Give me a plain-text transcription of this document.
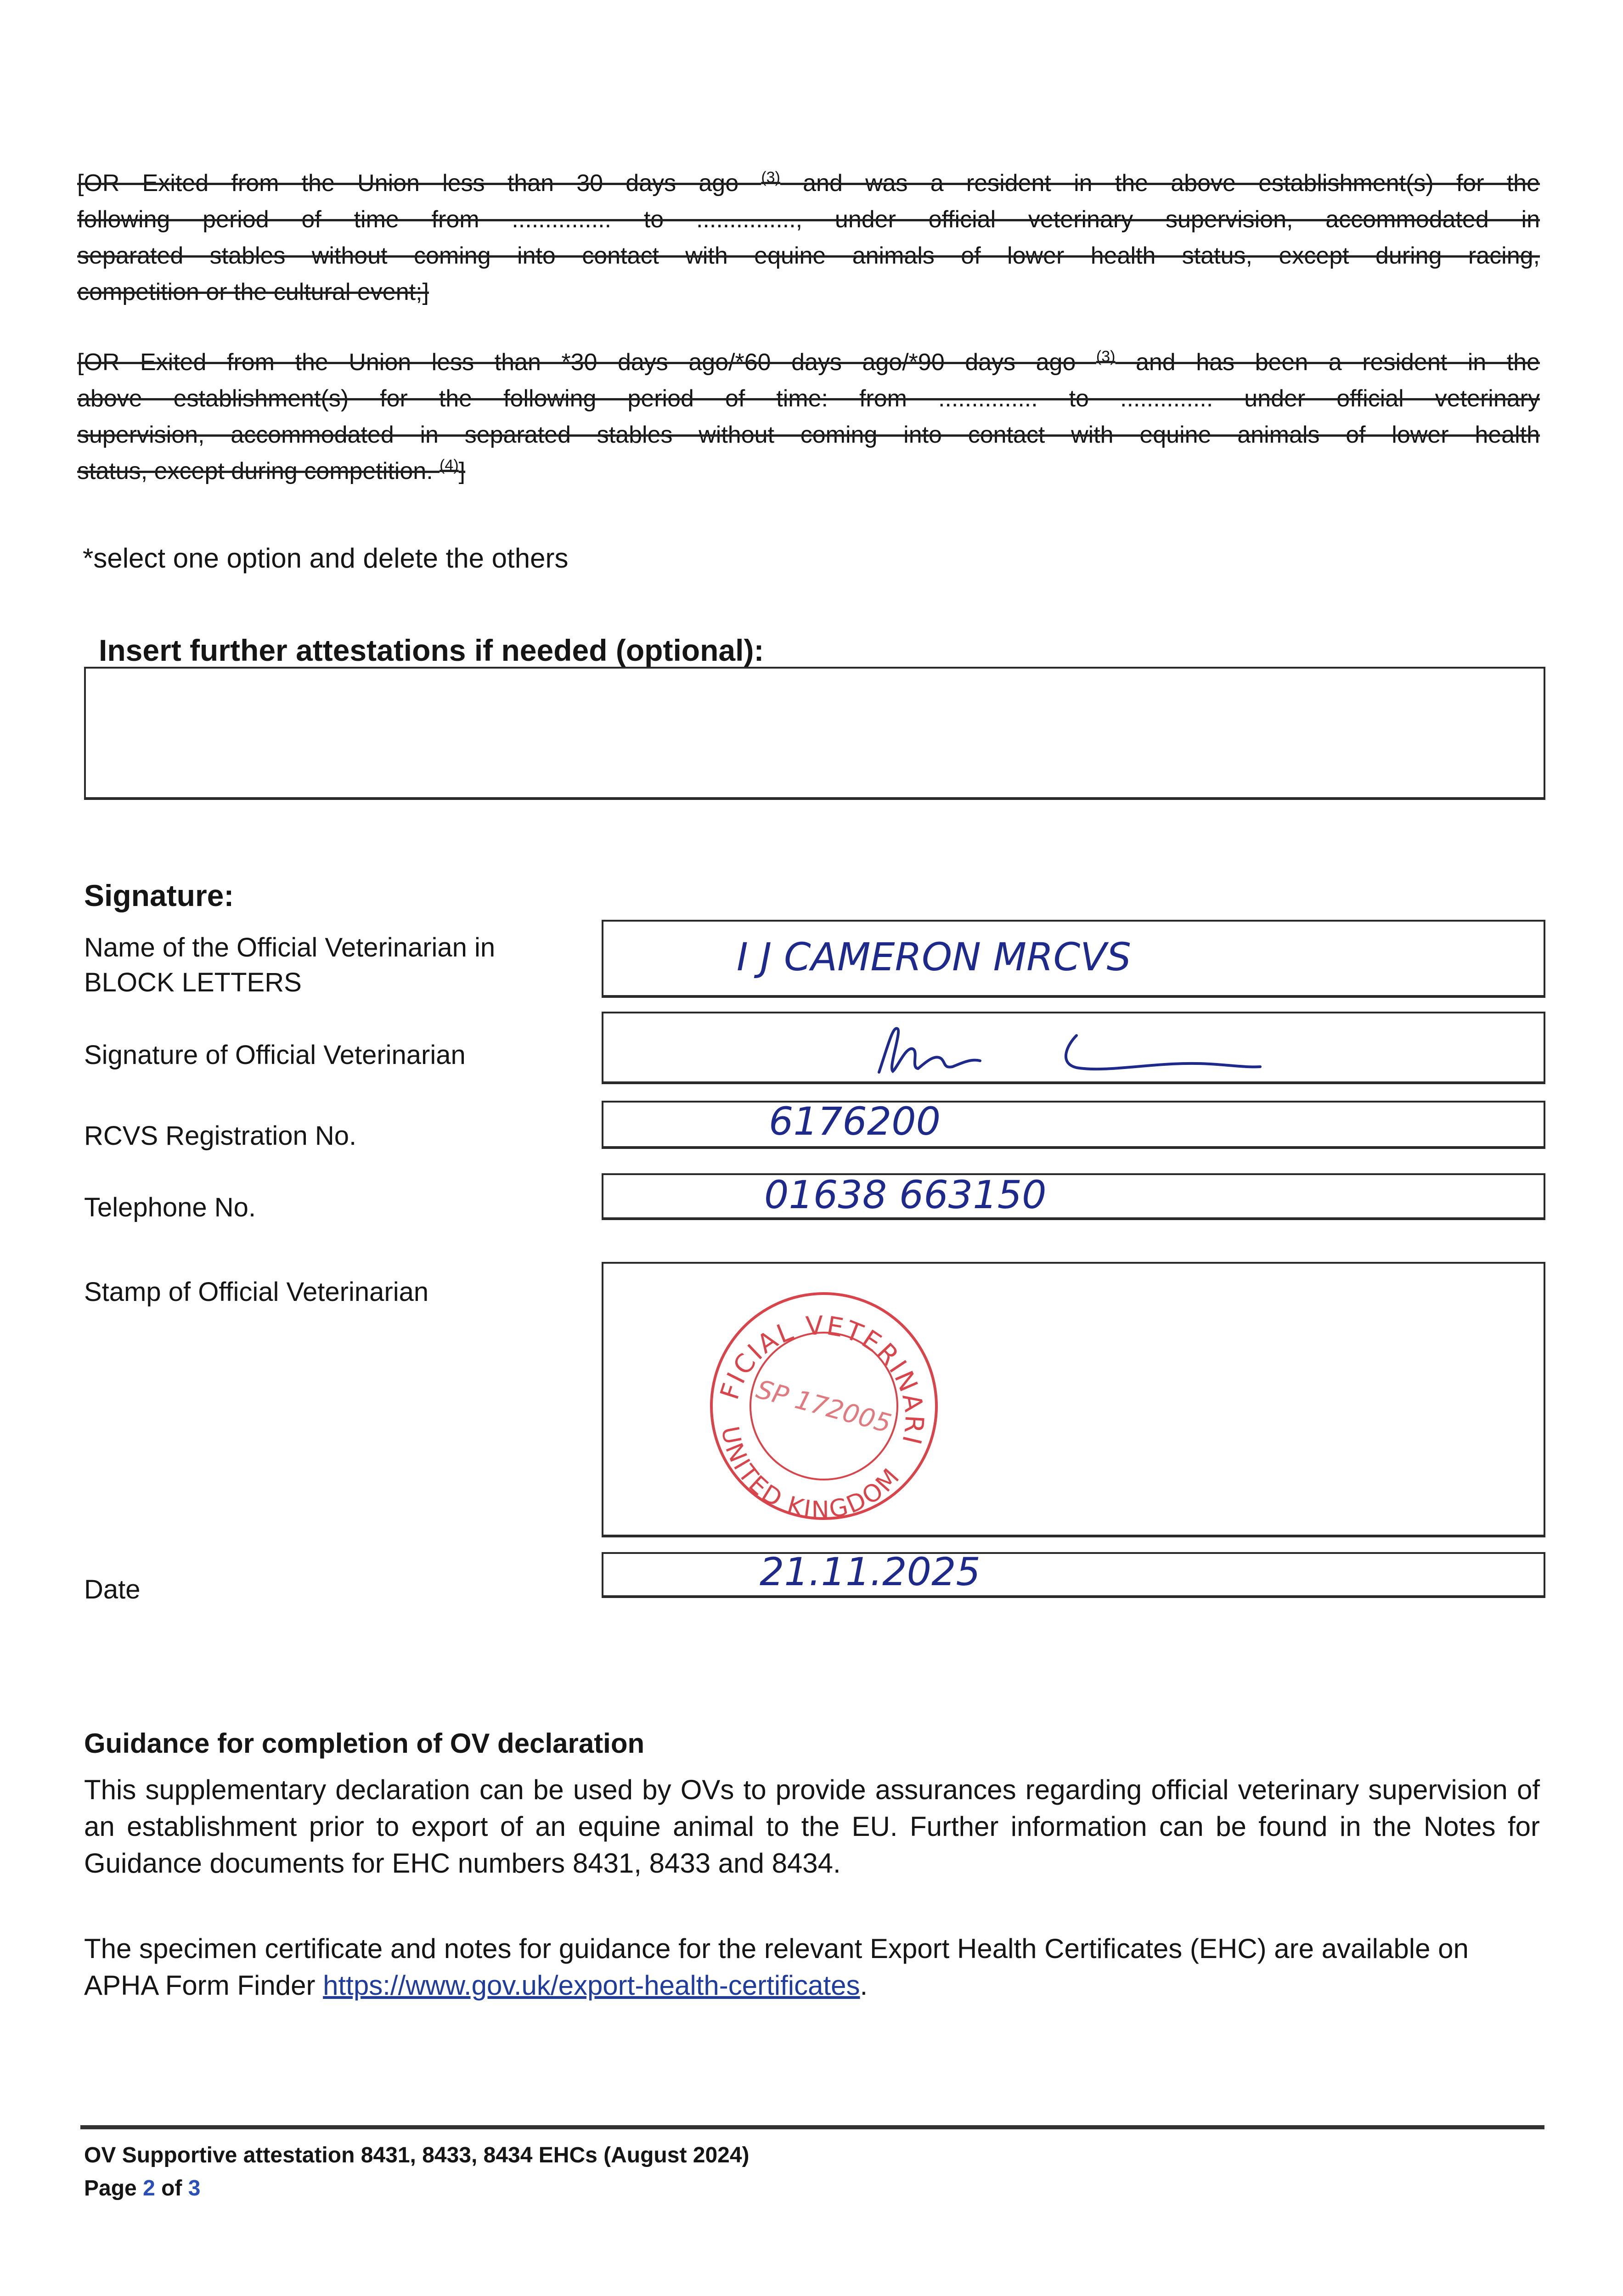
[OR Exited from the Union less than 30 days ago $^{(3)}$ and was a resident in the above establishment(s) for the
following period of time from ............... to ..............., under official veterinary supervision, accommodated in
separated stables without coming into contact with equine animals of lower health status, except during racing,
competition or the cultural event;]
[OR Exited from the Union less than *30 days ago/*60 days ago/*90 days ago $^{(3)}$ and has been a resident in the
above establishment(s) for the following period of time: from ............... to .............. under official veterinary
supervision, accommodated in separated stables without coming into contact with equine animals of lower health
status, except during competition. $^{(4)}$]
*select one option and delete the others
Insert further attestations if needed (optional):
Signature:
Name of the Official Veterinarian in
BLOCK LETTERS
I J CAMERON MRCVS
Signature of Official Veterinarian
RCVS Registration No.	6176200
Telephone No.	01638 663150
Stamp of Official Veterinarian
OFFICIAL VETERINARIAN
UNITED KINGDOM
SP 172005
Date	21.11.2025
Guidance for completion of OV declaration
This supplementary declaration can be used by OVs to provide assurances regarding official veterinary supervision of an establishment prior to export of an equine animal to the EU. Further information can be found in the Notes for Guidance documents for EHC numbers 8431, 8433 and 8434.
The specimen certificate and notes for guidance for the relevant Export Health Certificates (EHC) are available on APHA Form Finder https://www.gov.uk/export-health-certificates.
OV Supportive attestation 8431, 8433, 8434 EHCs (August 2024)
Page 2 of 3
